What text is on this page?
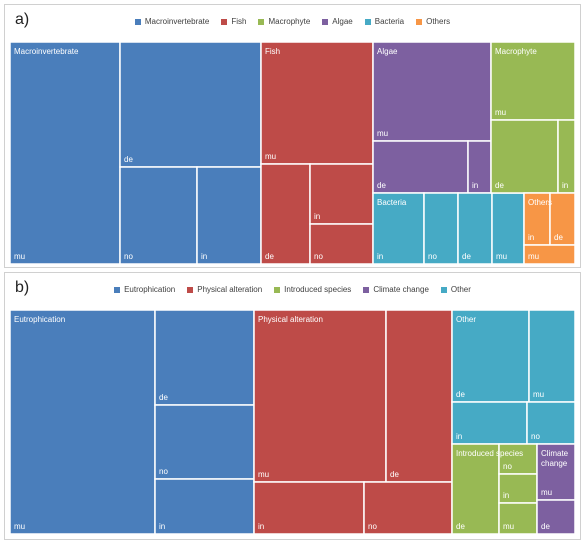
a)	Macroinvertebrate	Fish	Macrophyte	Algae	Bacteria	Others
mu
de
no	in
Macroinvertebrate
mu
de
in
no
Fish
mu
de	in
Algae
in	no	de	mu
Bacteria
mu
de	in
Macrophyte
in de
mu
Others
b)	Eutrophication	Physical alteration	Introduced species	Climate change	Other
mu
de
no
in
Eutrophication
mu	de
in	no
Physical alteration
de	mu
in	no
Other
de
no
in
mu
Introduced species
mu
de
Climate
change
